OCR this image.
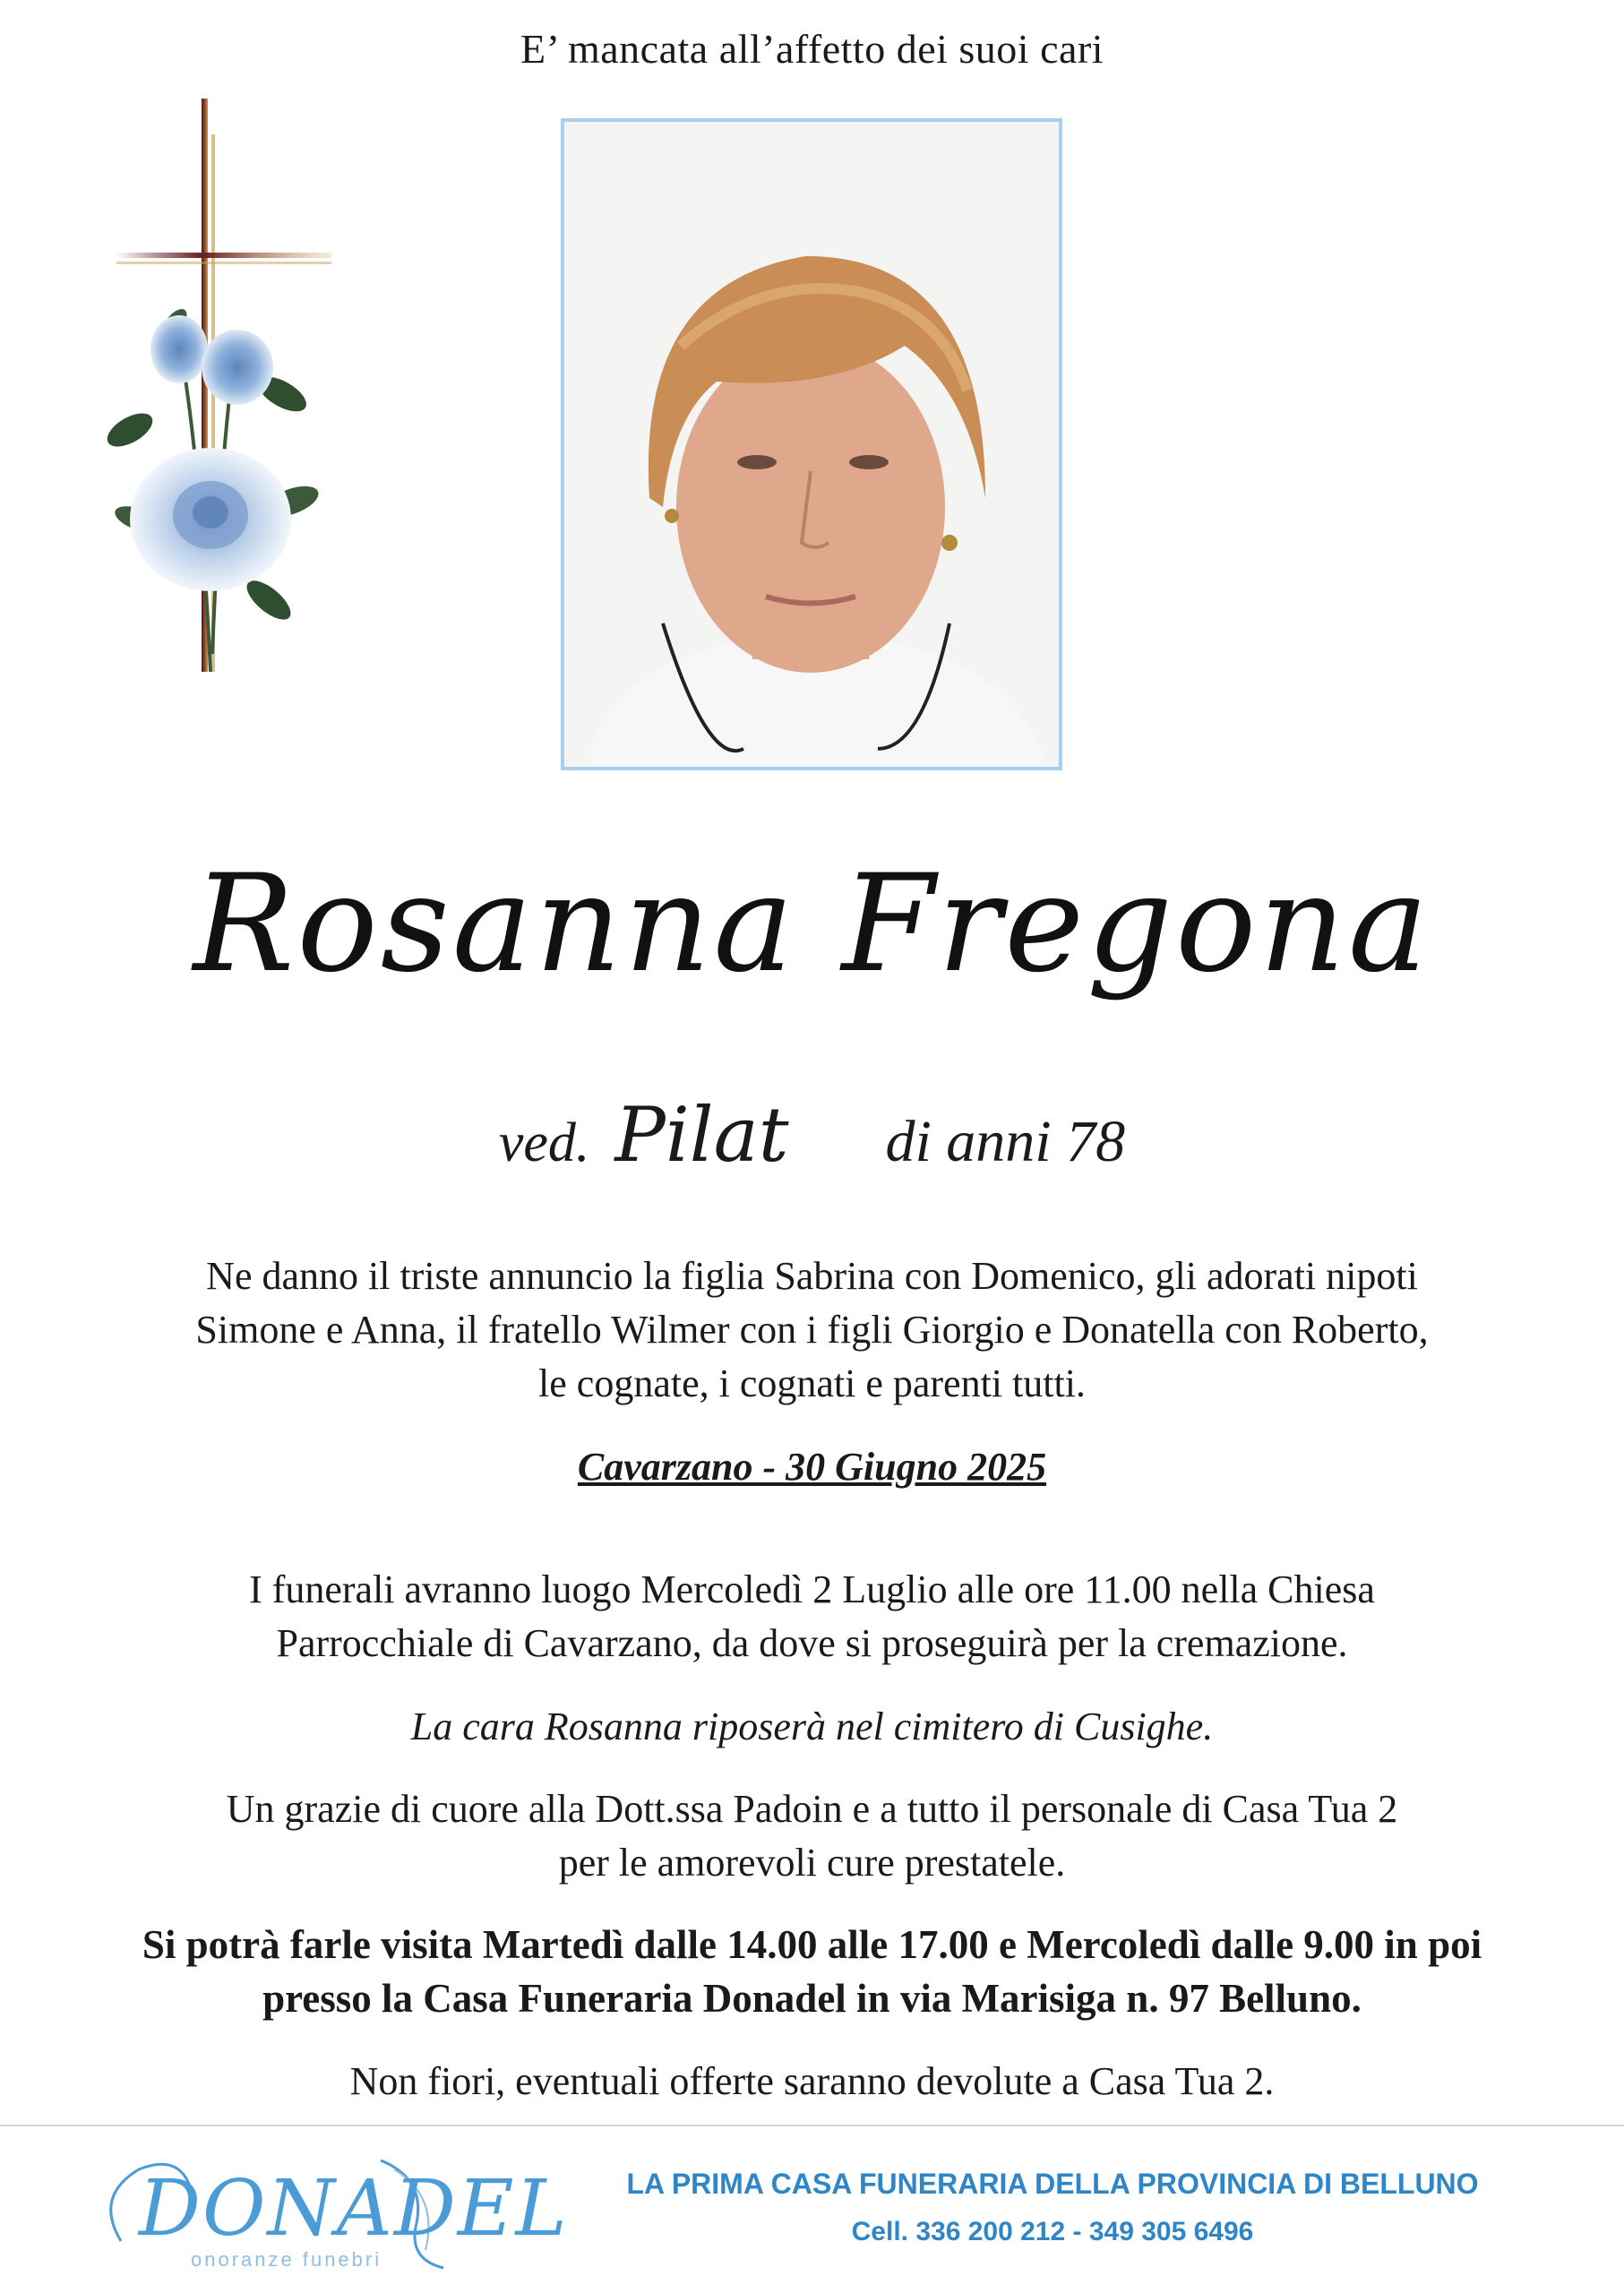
E’ mancata all’affetto dei suoi cari
Rosanna Fregona
ved. Pilat di anni 78
Ne danno il triste annuncio la figlia Sabrina con Domenico, gli adorati nipoti
Simone e Anna, il fratello Wilmer con i figli Giorgio e Donatella con Roberto,
le cognate, i cognati e parenti tutti.
Cavarzano - 30 Giugno 2025
I funerali avranno luogo Mercoledì 2 Luglio alle ore 11.00 nella Chiesa
Parrocchiale di Cavarzano, da dove si proseguirà per la cremazione.
La cara Rosanna riposerà nel cimitero di Cusighe.
Un grazie di cuore alla Dott.ssa Padoin e a tutto il personale di Casa Tua 2
per le amorevoli cure prestatele.
Si potrà farle visita Martedì dalle 14.00 alle 17.00 e Mercoledì dalle 9.00 in poi
presso la Casa Funeraria Donadel in via Marisiga n. 97 Belluno.
Non fiori, eventuali offerte saranno devolute a Casa Tua 2.
DONADEL
onoranze funebri
LA PRIMA CASA FUNERARIA DELLA PROVINCIA DI BELLUNO
Cell. 336 200 212 - 349 305 6496
